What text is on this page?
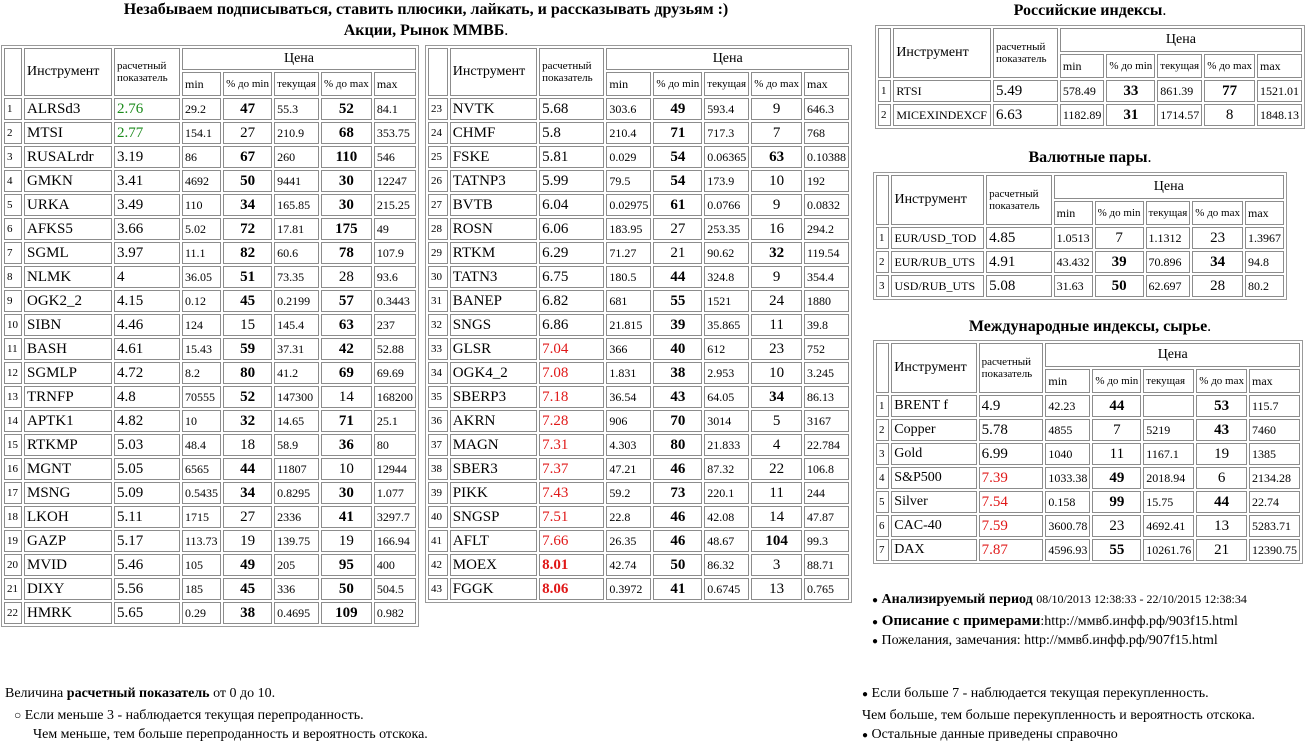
Незабываем подписываться, ставить плюсики, лайкать, и рассказывать друзьям :)
Акции, Рынок ММВБ.
	Инструмент	расчетный показатель	Цена				
			min	% до min	текущая	% до max	max
1	ALRSd3	2.76	29.2	47	55.3	52	84.1
2	MTSI	2.77	154.1	27	210.9	68	353.75
3	RUSALrdr	3.19	86	67	260	110	546
4	GMKN	3.41	4692	50	9441	30	12247
5	URKA	3.49	110	34	165.85	30	215.25
6	AFKS5	3.66	5.02	72	17.81	175	49
7	SGML	3.97	11.1	82	60.6	78	107.9
8	NLMK	4	36.05	51	73.35	28	93.6
9	OGK2_2	4.15	0.12	45	0.2199	57	0.3443
10	SIBN	4.46	124	15	145.4	63	237
11	BASH	4.61	15.43	59	37.31	42	52.88
12	SGMLP	4.72	8.2	80	41.2	69	69.69
13	TRNFP	4.8	70555	52	147300	14	168200
14	APTK1	4.82	10	32	14.65	71	25.1
15	RTKMP	5.03	48.4	18	58.9	36	80
16	MGNT	5.05	6565	44	11807	10	12944
17	MSNG	5.09	0.5435	34	0.8295	30	1.077
18	LKOH	5.11	1715	27	2336	41	3297.7
19	GAZP	5.17	113.73	19	139.75	19	166.94
20	MVID	5.46	105	49	205	95	400
21	DIXY	5.56	185	45	336	50	504.5
22	HMRK	5.65	0.29	38	0.4695	109	0.982
	Инструмент	расчетный показатель	Цена				
			min	% до min	текущая	% до max	max
23	NVTK	5.68	303.6	49	593.4	9	646.3
24	CHMF	5.8	210.4	71	717.3	7	768
25	FSKE	5.81	0.029	54	0.06365	63	0.10388
26	TATNP3	5.99	79.5	54	173.9	10	192
27	BVTB	6.04	0.02975	61	0.0766	9	0.0832
28	ROSN	6.06	183.95	27	253.35	16	294.2
29	RTKM	6.29	71.27	21	90.62	32	119.54
30	TATN3	6.75	180.5	44	324.8	9	354.4
31	BANEP	6.82	681	55	1521	24	1880
32	SNGS	6.86	21.815	39	35.865	11	39.8
33	GLSR	7.04	366	40	612	23	752
34	OGK4_2	7.08	1.831	38	2.953	10	3.245
35	SBERP3	7.18	36.54	43	64.05	34	86.13
36	AKRN	7.28	906	70	3014	5	3167
37	MAGN	7.31	4.303	80	21.833	4	22.784
38	SBER3	7.37	47.21	46	87.32	22	106.8
39	PIKK	7.43	59.2	73	220.1	11	244
40	SNGSP	7.51	22.8	46	42.08	14	47.87
41	AFLT	7.66	26.35	46	48.67	104	99.3
42	MOEX	8.01	42.74	50	86.32	3	88.71
43	FGGK	8.06	0.3972	41	0.6745	13	0.765
Российские индексы.
	Инструмент	расчетный показатель	Цена				
			min	% до min	текущая	% до max	max
1	RTSI	5.49	578.49	33	861.39	77	1521.01
2	MICEXINDEXCF	6.63	1182.89	31	1714.57	8	1848.13
Валютные пары.
	Инструмент	расчетный показатель	Цена				
			min	% до min	текущая	% до max	max
1	EUR/USD_TOD	4.85	1.0513	7	1.1312	23	1.3967
2	EUR/RUB_UTS	4.91	43.432	39	70.896	34	94.8
3	USD/RUB_UTS	5.08	31.63	50	62.697	28	80.2
Международные индексы, сырье.
	Инструмент	расчетный показатель	Цена				
			min	% до min	текущая	% до max	max
1	BRENT f	4.9	42.23	44		53	115.7
2	Copper	5.78	4855	7	5219	43	7460
3	Gold	6.99	1040	11	1167.1	19	1385
4	S&P500	7.39	1033.38	49	2018.94	6	2134.28
5	Silver	7.54	0.158	99	15.75	44	22.74
6	CAC-40	7.59	3600.78	23	4692.41	13	5283.71
7	DAX	7.87	4596.93	55	10261.76	21	12390.75
● Анализируемый период 08/10/2013 12:38:33 - 22/10/2015 12:38:34
● Описание с примерами:http://ммвб.инфф.рф/903f15.html
● Пожелания, замечания: http://ммвб.инфф.рф/907f15.html
Величина расчетный показатель от 0 до 10.
○ Если меньше 3 - наблюдается текущая перепроданность.
Чем меньше, тем больше перепроданность и вероятность отскока.
● Если больше 7 - наблюдается текущая перекупленность.
Чем больше, тем больше перекупленность и вероятность отскока.
● Остальные данные приведены справочно
